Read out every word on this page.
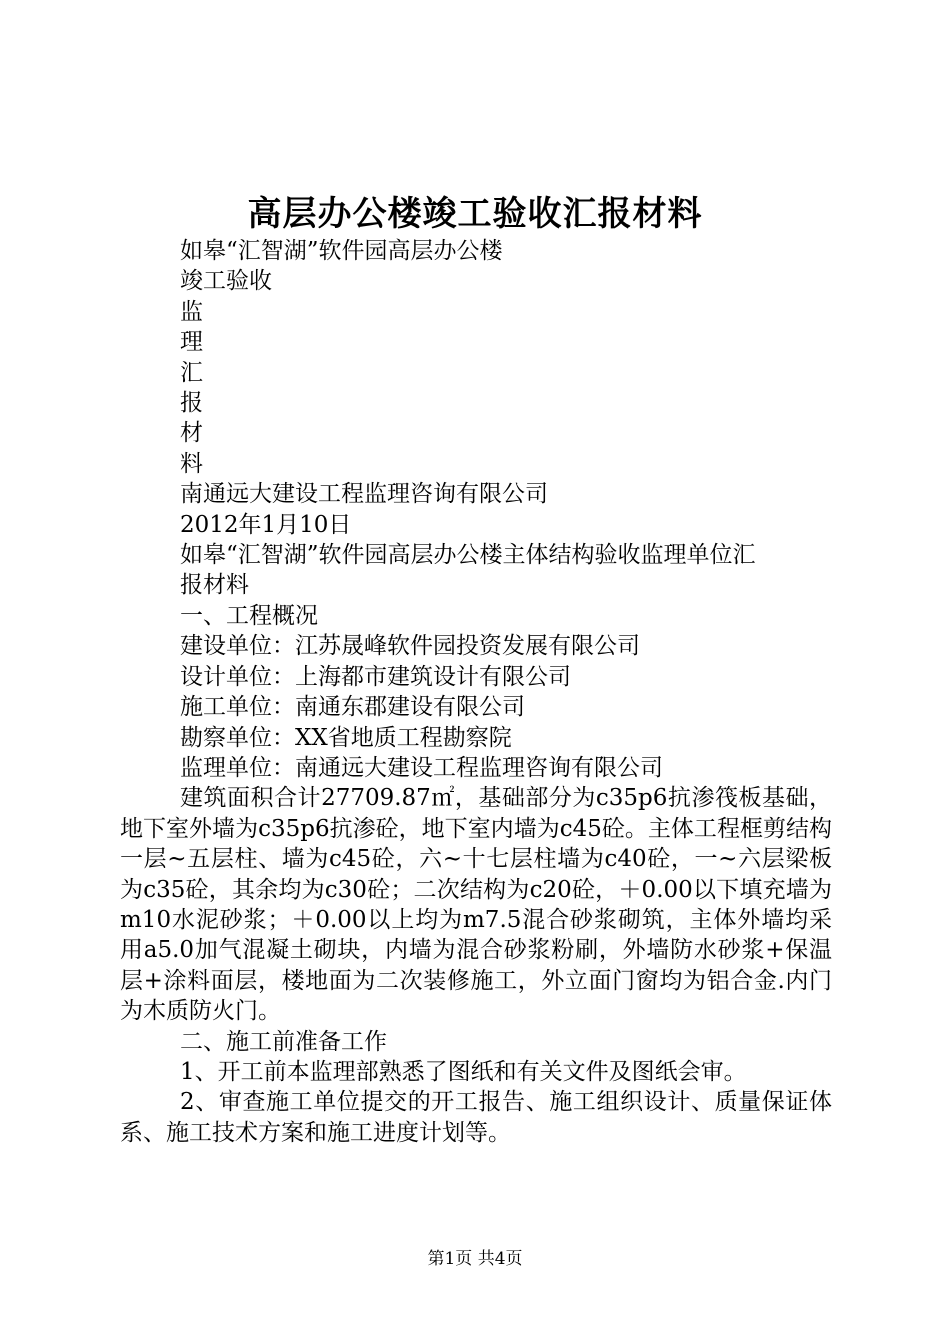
高层办公楼竣工验收汇报材料

如皋“汇智湖”软件园高层办公楼

竣工验收

监

理

汇

报

材

料

南通远大建设工程监理咨询有限公司

2012年1月10日

如皋“汇智湖”软件园高层办公楼主体结构验收监理单位汇

报材料

一、工程概况

建设单位：江苏晟峰软件园投资发展有限公司

设计单位：上海都市建筑设计有限公司

施工单位：南通东郡建设有限公司

勘察单位：XX省地质工程勘察院

监理单位：南通远大建设工程监理咨询有限公司

建筑面积合计27709.87㎡，基础部分为c35p6抗渗筏板基础，地下室外墙为c35p6抗渗砼，地下室内墙为c45砼。主体工程框剪结构一层~五层柱、墙为c45砼，六~十七层柱墙为c40砼，一~六层梁板为c35砼，其余均为c30砼；二次结构为c20砼，＋0.00以下填充墙为m10水泥砂浆；＋0.00以上均为m7.5混合砂浆砌筑，主体外墙均采用a5.0加气混凝土砌块，内墙为混合砂浆粉刷，外墙防水砂浆+保温层+涂料面层，楼地面为二次装修施工，外立面门窗均为铝合金.内门为木质防火门。

二、施工前准备工作

1、开工前本监理部熟悉了图纸和有关文件及图纸会审。

2、审查施工单位提交的开工报告、施工组织设计、质量保证体系、施工技术方案和施工进度计划等。

第1页 共4页
